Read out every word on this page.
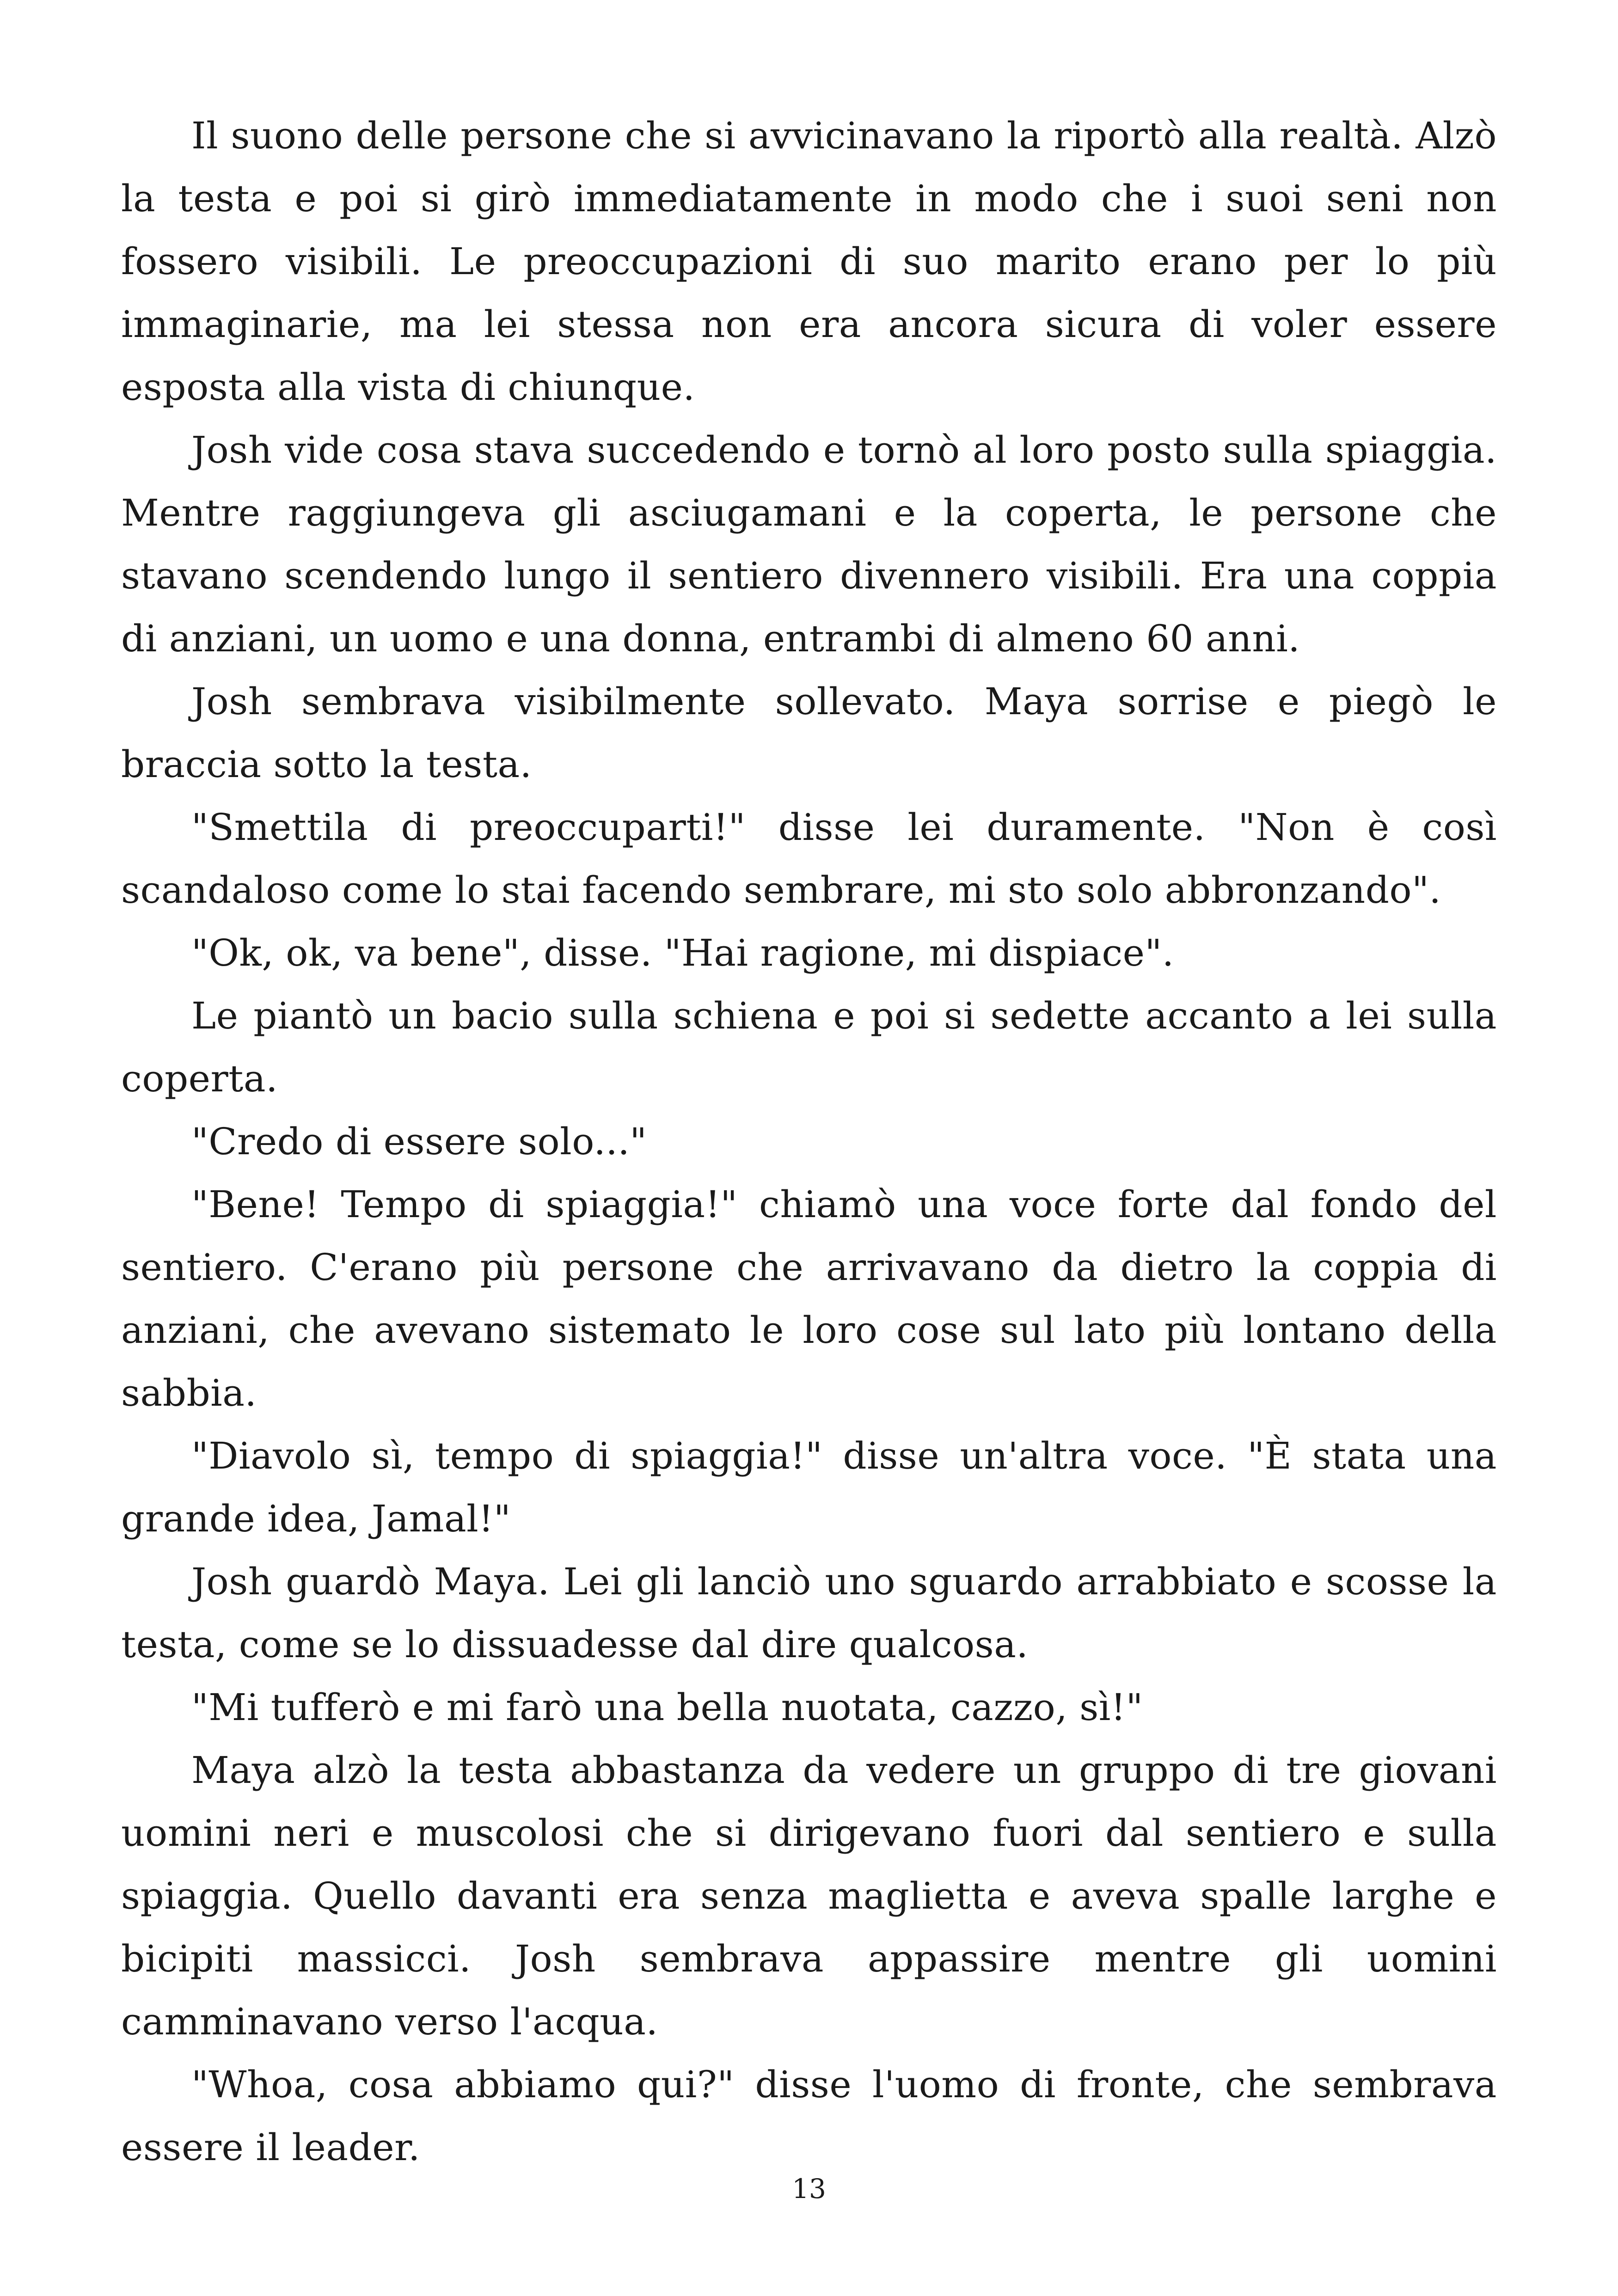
Il suono delle persone che si avvicinavano la riportò alla realtà. Alzò la testa e poi si girò immediatamente in modo che i suoi seni non fossero visibili. Le preoccupazioni di suo marito erano per lo più immaginarie, ma lei stessa non era ancora sicura di voler essere esposta alla vista di chiunque.

Josh vide cosa stava succedendo e tornò al loro posto sulla spiaggia. Mentre raggiungeva gli asciugamani e la coperta, le persone che stavano scendendo lungo il sentiero divennero visibili. Era una coppia di anziani, un uomo e una donna, entrambi di almeno 60 anni.

Josh sembrava visibilmente sollevato. Maya sorrise e piegò le braccia sotto la testa.

"Smettila di preoccuparti!" disse lei duramente. "Non è così scandaloso come lo stai facendo sembrare, mi sto solo abbronzando".

"Ok, ok, va bene", disse. "Hai ragione, mi dispiace".

Le piantò un bacio sulla schiena e poi si sedette accanto a lei sulla coperta.

"Credo di essere solo..."

"Bene! Tempo di spiaggia!" chiamò una voce forte dal fondo del sentiero. C'erano più persone che arrivavano da dietro la coppia di anziani, che avevano sistemato le loro cose sul lato più lontano della sabbia.

"Diavolo sì, tempo di spiaggia!" disse un'altra voce. "È stata una grande idea, Jamal!"

Josh guardò Maya. Lei gli lanciò uno sguardo arrabbiato e scosse la testa, come se lo dissuadesse dal dire qualcosa.

"Mi tufferò e mi farò una bella nuotata, cazzo, sì!"

Maya alzò la testa abbastanza da vedere un gruppo di tre giovani uomini neri e muscolosi che si dirigevano fuori dal sentiero e sulla spiaggia. Quello davanti era senza maglietta e aveva spalle larghe e bicipiti massicci. Josh sembrava appassire mentre gli uomini camminavano verso l'acqua.

"Whoa, cosa abbiamo qui?" disse l'uomo di fronte, che sembrava essere il leader.

13
